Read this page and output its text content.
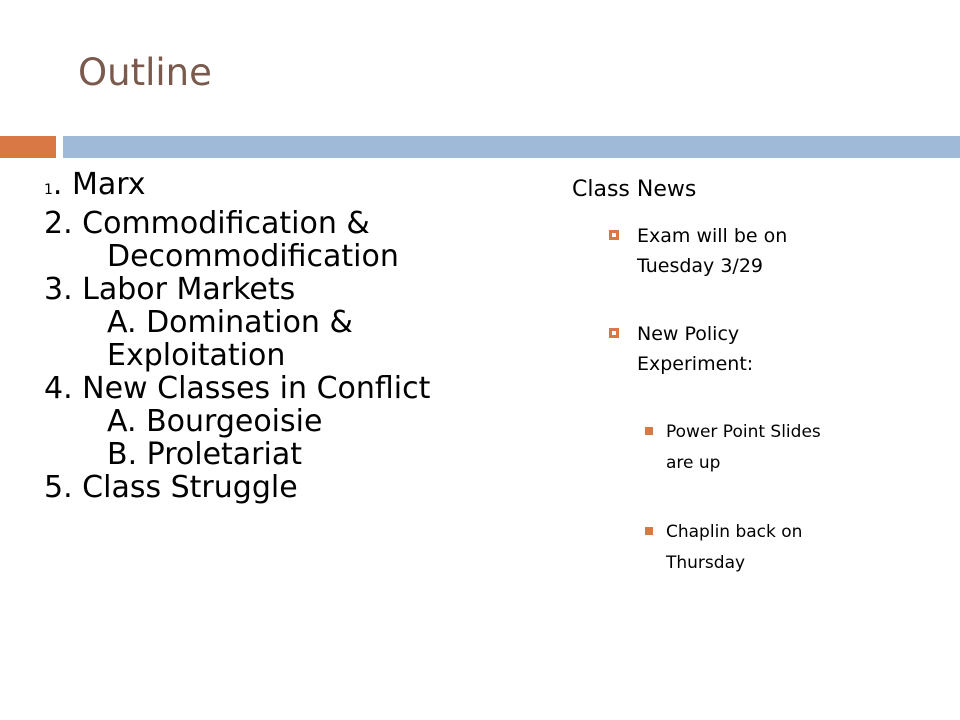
Outline
1. Marx
2. Commodification &
Decommodification
3. Labor Markets
A. Domination &
Exploitation
4. New Classes in Conflict
A. Bourgeoisie
B. Proletariat
5. Class Struggle
Class News
Exam will be on
Tuesday 3/29
New Policy
Experiment:
Power Point Slides
are up
Chaplin back on
Thursday
